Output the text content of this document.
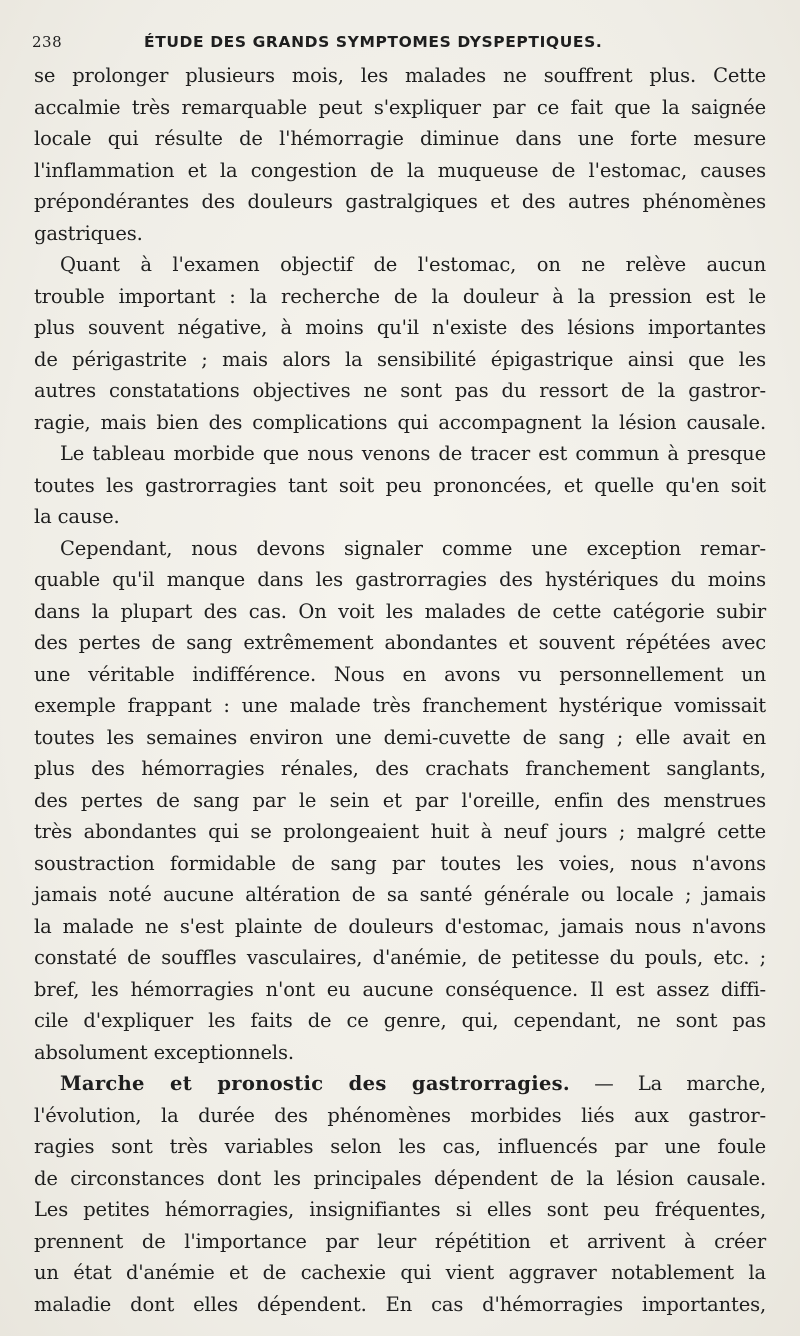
238	ÉTUDE DES GRANDS SYMPTOMES DYSPEPTIQUES.
se prolonger plusieurs mois, les malades ne souffrent plus. Cette
accalmie très remarquable peut s'expliquer par ce fait que la saignée
locale qui résulte de l'hémorragie diminue dans une forte mesure
l'inflammation et la congestion de la muqueuse de l'estomac, causes
prépondérantes des douleurs gastralgiques et des autres phénomènes
gastriques.
Quant à l'examen objectif de l'estomac, on ne relève aucun
trouble important : la recherche de la douleur à la pression est le
plus souvent négative, à moins qu'il n'existe des lésions importantes
de périgastrite ; mais alors la sensibilité épigastrique ainsi que les
autres constatations objectives ne sont pas du ressort de la gastror-
ragie, mais bien des complications qui accompagnent la lésion causale.
Le tableau morbide que nous venons de tracer est commun à presque
toutes les gastrorragies tant soit peu prononcées, et quelle qu'en soit
la cause.
Cependant, nous devons signaler comme une exception remar-
quable qu'il manque dans les gastrorragies des hystériques du moins
dans la plupart des cas. On voit les malades de cette catégorie subir
des pertes de sang extrêmement abondantes et souvent répétées avec
une véritable indifférence. Nous en avons vu personnellement un
exemple frappant : une malade très franchement hystérique vomissait
toutes les semaines environ une demi-cuvette de sang ; elle avait en
plus des hémorragies rénales, des crachats franchement sanglants,
des pertes de sang par le sein et par l'oreille, enfin des menstrues
très abondantes qui se prolongeaient huit à neuf jours ; malgré cette
soustraction formidable de sang par toutes les voies, nous n'avons
jamais noté aucune altération de sa santé générale ou locale ; jamais
la malade ne s'est plainte de douleurs d'estomac, jamais nous n'avons
constaté de souffles vasculaires, d'anémie, de petitesse du pouls, etc. ;
bref, les hémorragies n'ont eu aucune conséquence. Il est assez diffi-
cile d'expliquer les faits de ce genre, qui, cependant, ne sont pas
absolument exceptionnels.
Marche et pronostic des gastrorragies. — La marche,
l'évolution, la durée des phénomènes morbides liés aux gastror-
ragies sont très variables selon les cas, influencés par une foule
de circonstances dont les principales dépendent de la lésion causale.
Les petites hémorragies, insignifiantes si elles sont peu fréquentes,
prennent de l'importance par leur répétition et arrivent à créer
un état d'anémie et de cachexie qui vient aggraver notablement la
maladie dont elles dépendent. En cas d'hémorragies importantes,
